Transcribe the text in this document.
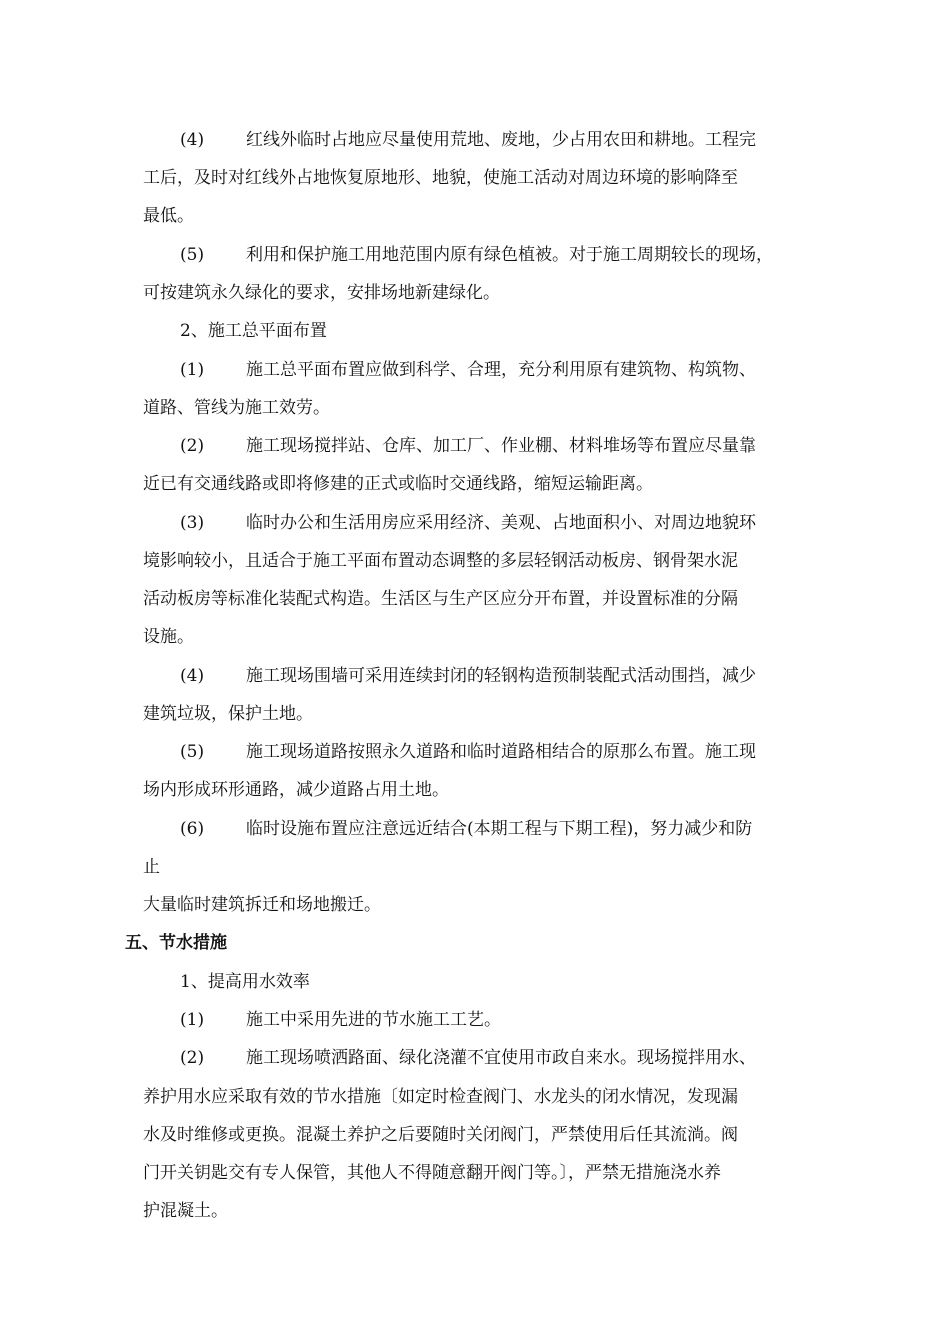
(4) 红线外临时占地应尽量使用荒地、废地，少占用农田和耕地。工程完
工后，及时对红线外占地恢复原地形、地貌，使施工活动对周边环境的影响降至
最低。
(5) 利用和保护施工用地范围内原有绿色植被。对于施工周期较长的现场，
可按建筑永久绿化的要求，安排场地新建绿化。
2、施工总平面布置
(1) 施工总平面布置应做到科学、合理，充分利用原有建筑物、构筑物、
道路、管线为施工效劳。
(2) 施工现场搅拌站、仓库、加工厂、作业棚、材料堆场等布置应尽量靠
近已有交通线路或即将修建的正式或临时交通线路，缩短运输距离。
(3) 临时办公和生活用房应采用经济、美观、占地面积小、对周边地貌环
境影响较小，且适合于施工平面布置动态调整的多层轻钢活动板房、钢骨架水泥
活动板房等标准化装配式构造。生活区与生产区应分开布置，并设置标准的分隔
设施。
(4) 施工现场围墙可采用连续封闭的轻钢构造预制装配式活动围挡，减少
建筑垃圾，保护土地。
(5) 施工现场道路按照永久道路和临时道路相结合的原那么布置。施工现
场内形成环形通路，减少道路占用土地。
(6) 临时设施布置应注意远近结合(本期工程与下期工程)，努力减少和防
止
大量临时建筑拆迁和场地搬迁。
五、节水措施
1、提高用水效率
(1) 施工中采用先进的节水施工工艺。
(2) 施工现场喷洒路面、绿化浇灌不宜使用市政自来水。现场搅拌用水、
养护用水应采取有效的节水措施〔如定时检查阀门、水龙头的闭水情况，发现漏
水及时维修或更换。混凝土养护之后要随时关闭阀门，严禁使用后任其流淌。阀
门开关钥匙交有专人保管，其他人不得随意翻开阀门等。〕，严禁无措施浇水养
护混凝土。
